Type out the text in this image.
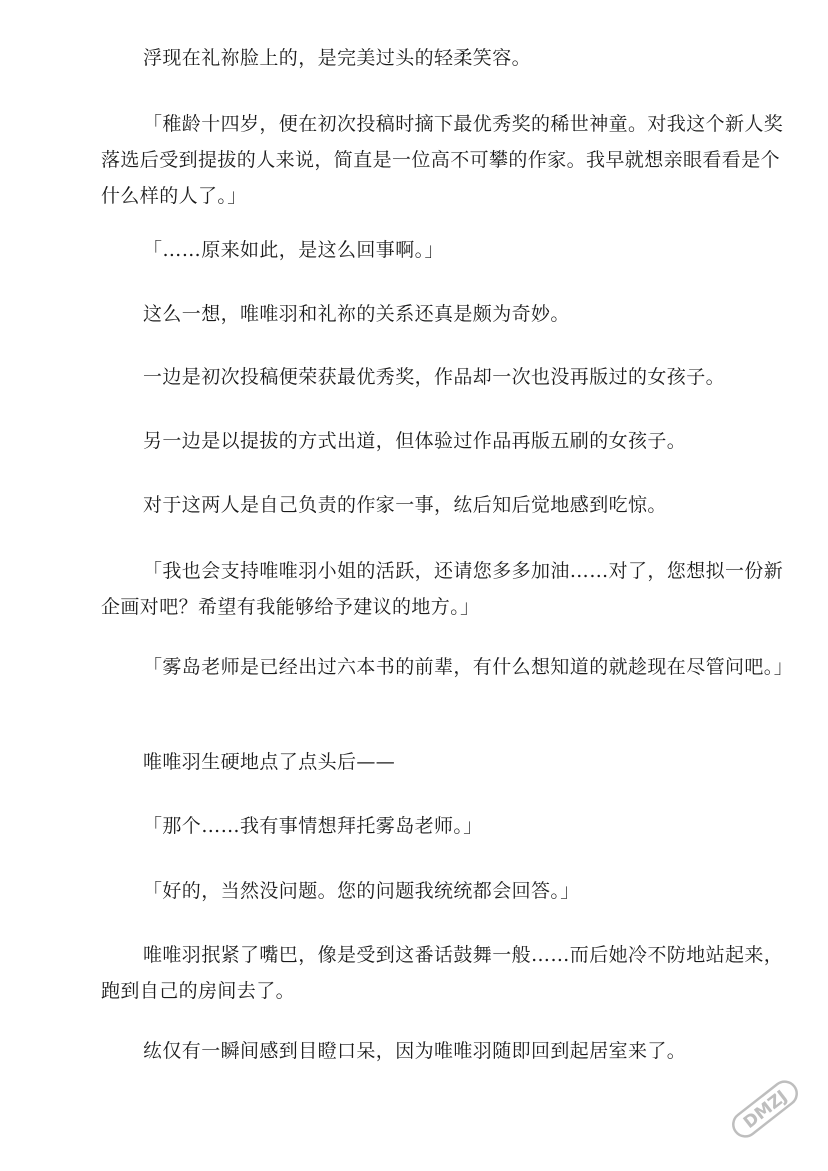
浮现在礼祢脸上的，是完美过头的轻柔笑容。

「稚龄十四岁，便在初次投稿时摘下最优秀奖的稀世神童。对我这个新人奖落选后受到提拔的人来说，简直是一位高不可攀的作家。我早就想亲眼看看是个什么样的人了。」

「……原来如此，是这么回事啊。」

这么一想，唯唯羽和礼祢的关系还真是颇为奇妙。

一边是初次投稿便荣获最优秀奖，作品却一次也没再版过的女孩子。

另一边是以提拔的方式出道，但体验过作品再版五刷的女孩子。

对于这两人是自己负责的作家一事，纮后知后觉地感到吃惊。

「我也会支持唯唯羽小姐的活跃，还请您多多加油……对了，您想拟一份新企画对吧？希望有我能够给予建议的地方。」

「雾岛老师是已经出过六本书的前辈，有什么想知道的就趁现在尽管问吧。」

唯唯羽生硬地点了点头后——

「那个……我有事情想拜托雾岛老师。」

「好的，当然没问题。您的问题我统统都会回答。」

唯唯羽抿紧了嘴巴，像是受到这番话鼓舞一般……而后她冷不防地站起来，跑到自己的房间去了。

纮仅有一瞬间感到目瞪口呆，因为唯唯羽随即回到起居室来了。

DMZJ
